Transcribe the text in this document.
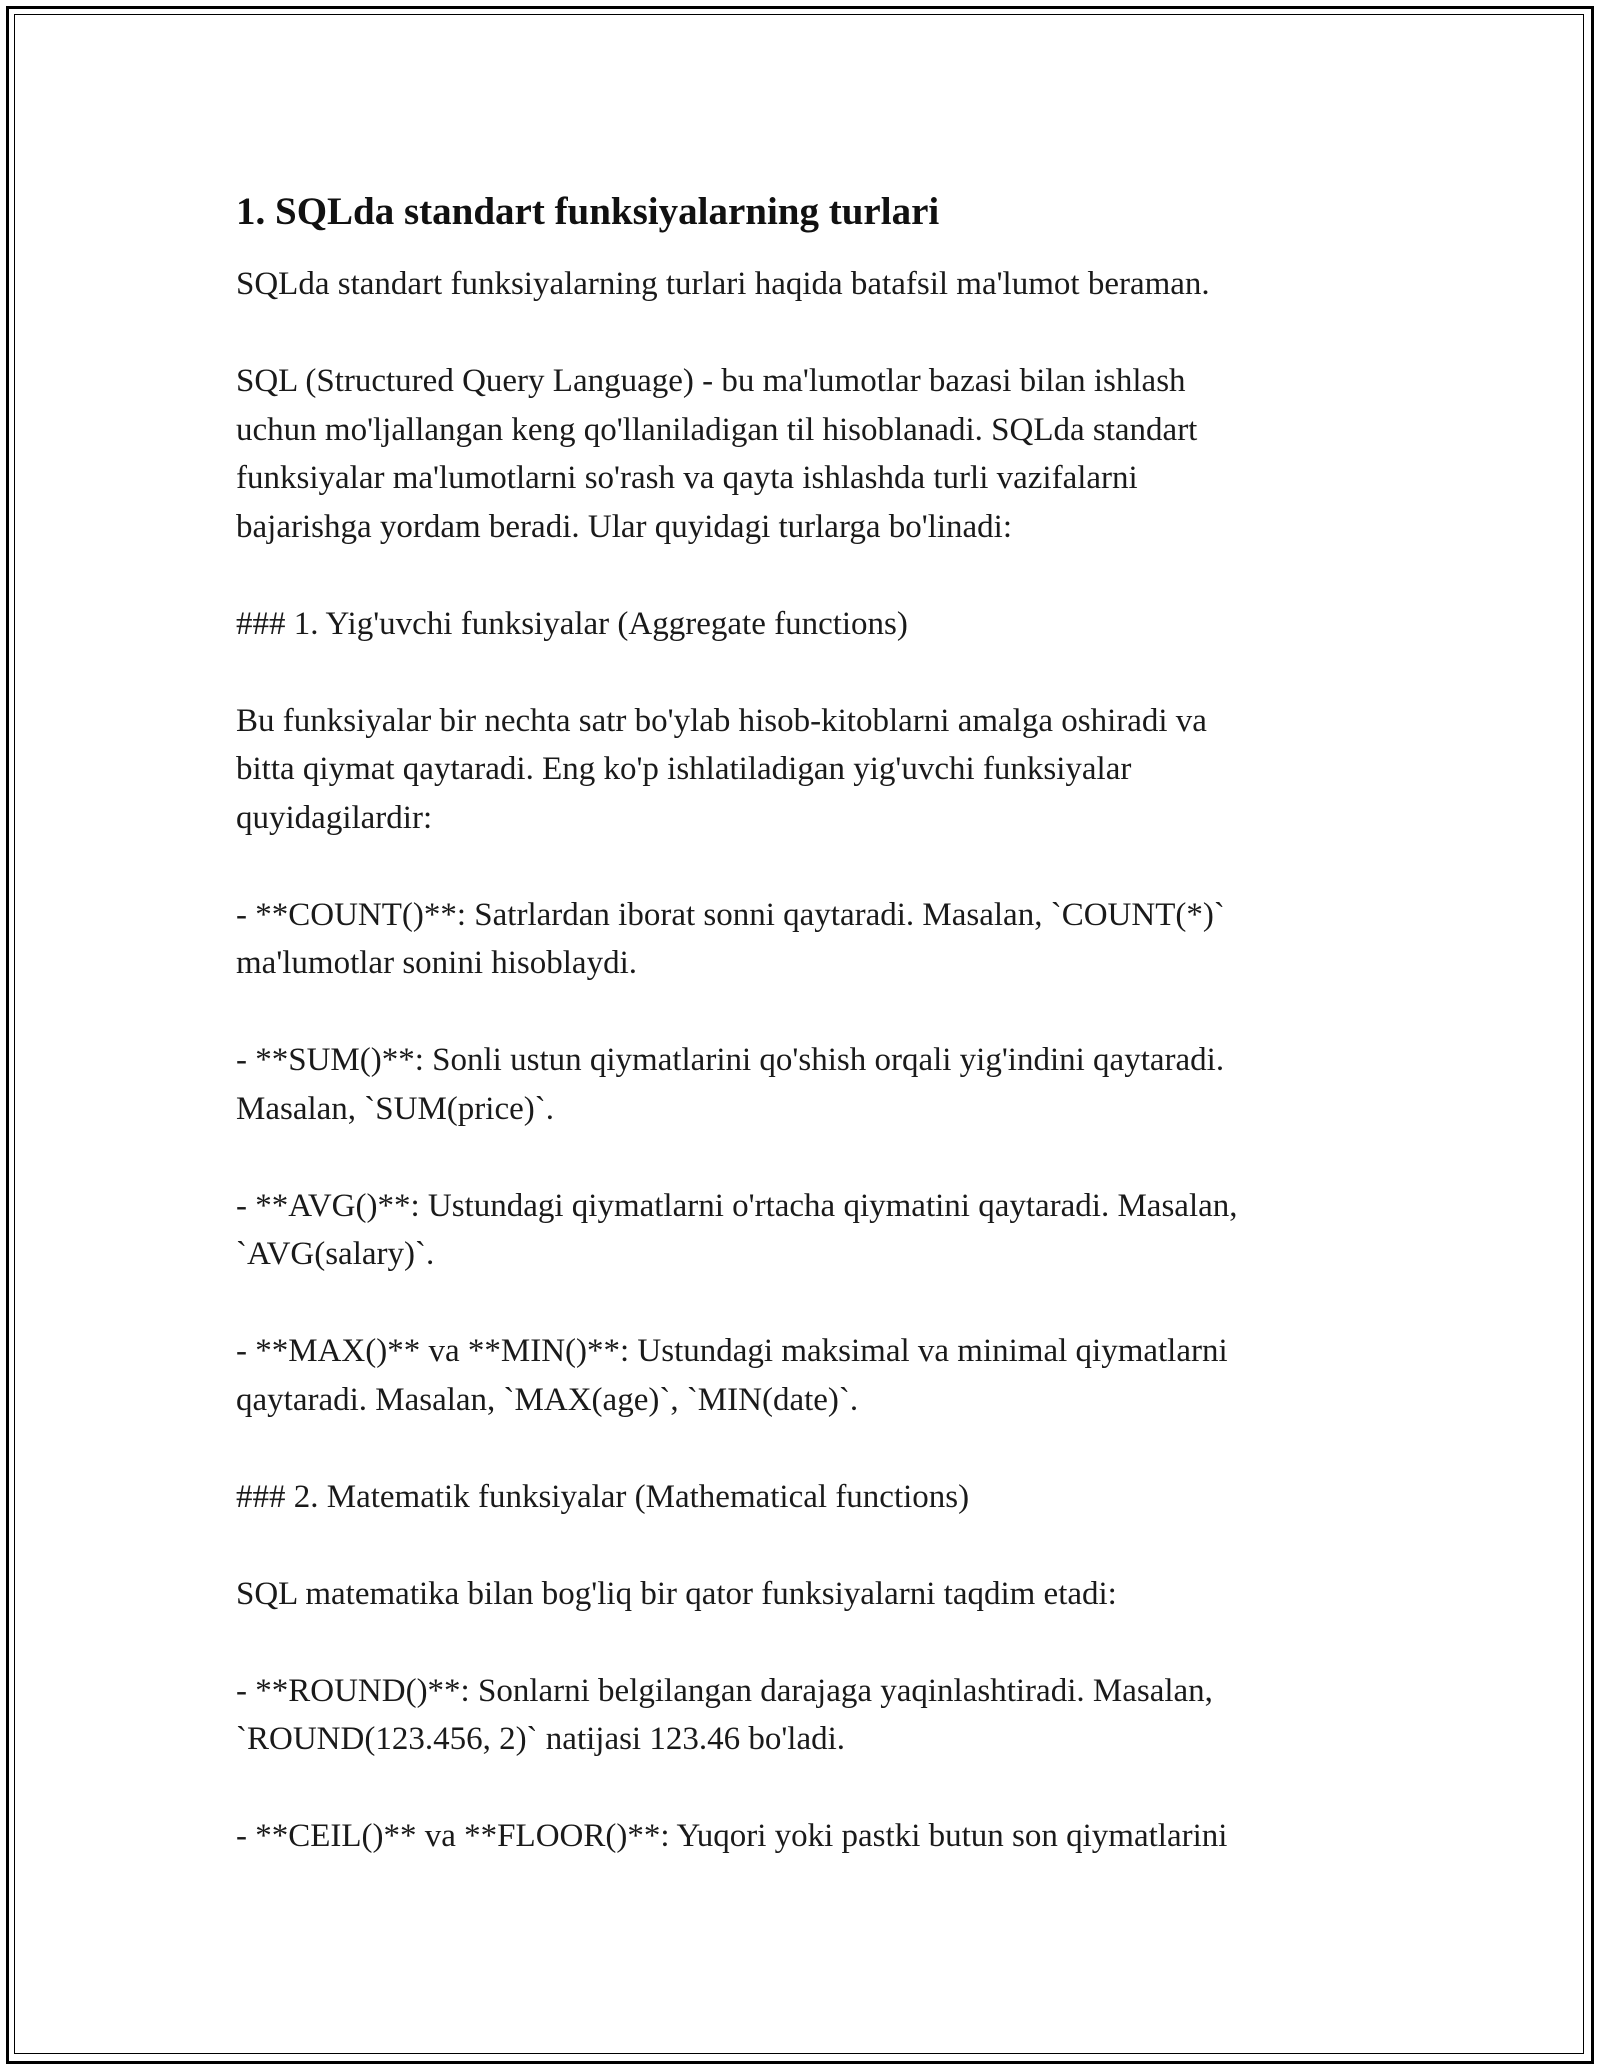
1. SQLda standart funksiyalarning turlari

SQLda standart funksiyalarning turlari haqida batafsil ma'lumot beraman.

SQL (Structured Query Language) - bu ma'lumotlar bazasi bilan ishlash
uchun mo'ljallangan keng qo'llaniladigan til hisoblanadi. SQLda standart
funksiyalar ma'lumotlarni so'rash va qayta ishlashda turli vazifalarni
bajarishga yordam beradi. Ular quyidagi turlarga bo'linadi:

### 1. Yig'uvchi funksiyalar (Aggregate functions)

Bu funksiyalar bir nechta satr bo'ylab hisob-kitoblarni amalga oshiradi va
bitta qiymat qaytaradi. Eng ko'p ishlatiladigan yig'uvchi funksiyalar
quyidagilardir:

- **COUNT()**: Satrlardan iborat sonni qaytaradi. Masalan, `COUNT(*)`
ma'lumotlar sonini hisoblaydi.

- **SUM()**: Sonli ustun qiymatlarini qo'shish orqali yig'indini qaytaradi.
Masalan, `SUM(price)`.

- **AVG()**: Ustundagi qiymatlarni o'rtacha qiymatini qaytaradi. Masalan,
`AVG(salary)`.

- **MAX()** va **MIN()**: Ustundagi maksimal va minimal qiymatlarni
qaytaradi. Masalan, `MAX(age)`, `MIN(date)`.

### 2. Matematik funksiyalar (Mathematical functions)

SQL matematika bilan bog'liq bir qator funksiyalarni taqdim etadi:

- **ROUND()**: Sonlarni belgilangan darajaga yaqinlashtiradi. Masalan,
`ROUND(123.456, 2)` natijasi 123.46 bo'ladi.

- **CEIL()** va **FLOOR()**: Yuqori yoki pastki butun son qiymatlarini
